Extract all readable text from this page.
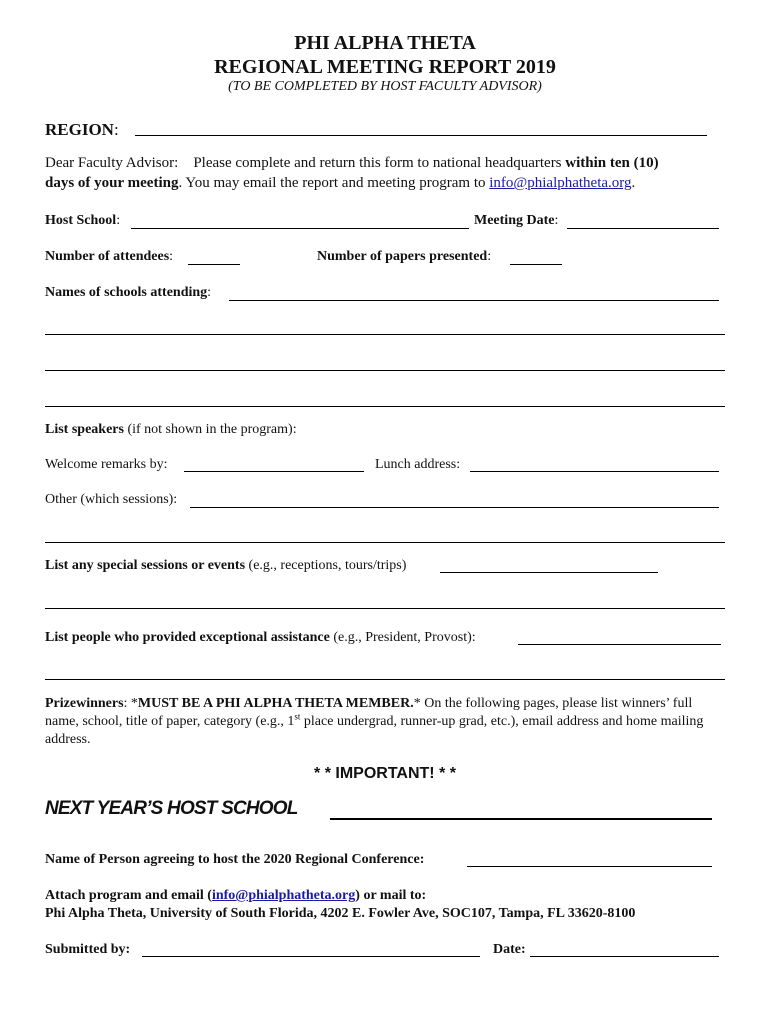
PHI ALPHA THETA
REGIONAL MEETING REPORT 2019
(TO BE COMPLETED BY HOST FACULTY ADVISOR)
REGION:
Dear Faculty Advisor: Please complete and return this form to national headquarters within ten (10)
days of your meeting. You may email the report and meeting program to info@phialphatheta.org.
Host School:	Meeting Date:
Number of attendees:	Number of papers presented:
Names of schools attending:
List speakers (if not shown in the program):
Welcome remarks by:	Lunch address:
Other (which sessions):
List any special sessions or events (e.g., receptions, tours/trips)
List people who provided exceptional assistance (e.g., President, Provost):
Prizewinners: *MUST BE A PHI ALPHA THETA MEMBER.* On the following pages, please list winners’ full name, school, title of paper, category (e.g., 1st place undergrad, runner-up grad, etc.), email address and home mailing address.
* * IMPORTANT! * *
NEXT YEAR’S HOST SCHOOL
Name of Person agreeing to host the 2020 Regional Conference:
Attach program and email (info@phialphatheta.org) or mail to:
Phi Alpha Theta, University of South Florida, 4202 E. Fowler Ave, SOC107, Tampa, FL 33620-8100
Submitted by:	Date:
